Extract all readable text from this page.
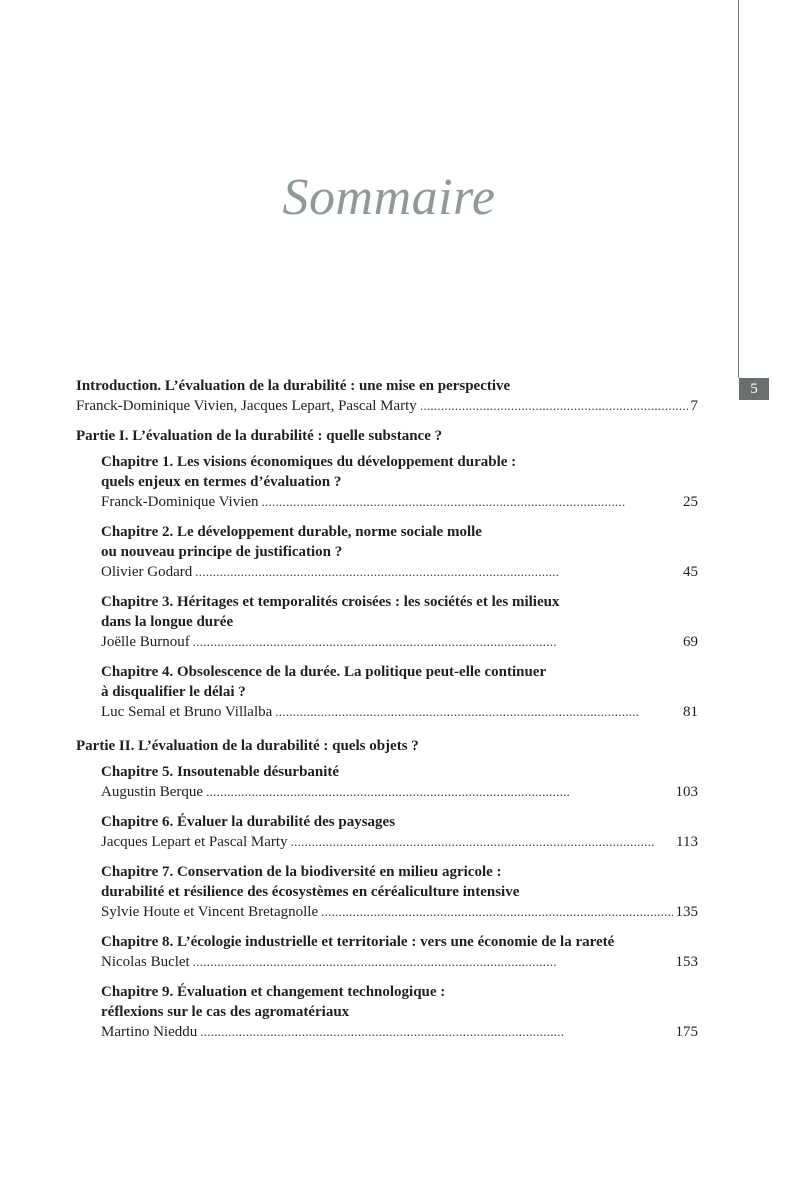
5
Sommaire
Introduction. L’évaluation de la durabilité : une mise en perspective
Franck-Dominique Vivien, Jacques Lepart, Pascal Marty . . .	7
Partie I. L’évaluation de la durabilité : quelle substance ?
Chapitre 1. Les visions économiques du développement durable :
quels enjeux en termes d’évaluation ?
Franck-Dominique Vivien . . .	25
Chapitre 2. Le développement durable, norme sociale molle
ou nouveau principe de justification ?
Olivier Godard . . .	45
Chapitre 3. Héritages et temporalités croisées : les sociétés et les milieux
dans la longue durée
Joëlle Burnouf . . .	69
Chapitre 4. Obsolescence de la durée. La politique peut-elle continuer
à disqualifier le délai ?
Luc Semal et Bruno Villalba . . .	81
Partie II. L’évaluation de la durabilité : quels objets ?
Chapitre 5. Insoutenable désurbanité
Augustin Berque . . .	103
Chapitre 6. Évaluer la durabilité des paysages
Jacques Lepart et Pascal Marty . . .	113
Chapitre 7. Conservation de la biodiversité en milieu agricole :
durabilité et résilience des écosystèmes en céréaliculture intensive
Sylvie Houte et Vincent Bretagnolle . . .	135
Chapitre 8. L’écologie industrielle et territoriale : vers une économie de la rareté
Nicolas Buclet . . .	153
Chapitre 9. Évaluation et changement technologique :
réflexions sur le cas des agromatériaux
Martino Nieddu . . .	175
